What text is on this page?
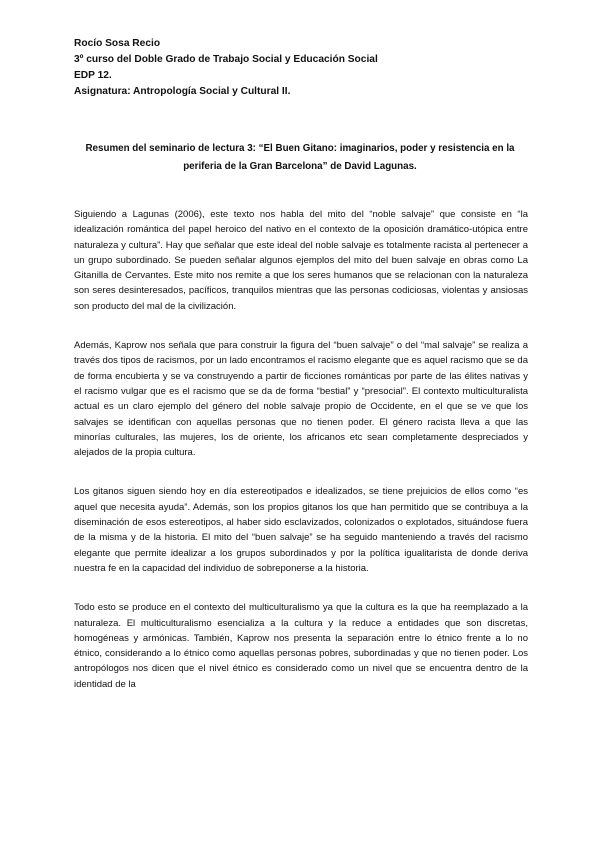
Rocío Sosa Recio
3º curso del Doble Grado de Trabajo Social y Educación Social
EDP 12.
Asignatura: Antropología Social y Cultural II.
Resumen del seminario de lectura 3: “El Buen Gitano: imaginarios, poder y resistencia en la periferia de la Gran Barcelona” de David Lagunas.

Siguiendo a Lagunas (2006), este texto nos habla del mito del “noble salvaje” que consiste en “la idealización romántica del papel heroico del nativo en el contexto de la oposición dramático-utópica entre naturaleza y cultura”. Hay que señalar que este ideal del noble salvaje es totalmente racista al pertenecer a un grupo subordinado. Se pueden señalar algunos ejemplos del mito del buen salvaje en obras como La Gitanilla de Cervantes. Este mito nos remite a que los seres humanos que se relacionan con la naturaleza son seres desinteresados, pacíficos, tranquilos mientras que las personas codiciosas, violentas y ansiosas son producto del mal de la civilización.

Además, Kaprow nos señala que para construir la figura del “buen salvaje” o del “mal salvaje” se realiza a través dos tipos de racismos, por un lado encontramos el racismo elegante que es aquel racismo que se da de forma encubierta y se va construyendo a partir de ficciones románticas por parte de las élites nativas y el racismo vulgar que es el racismo que se da de forma “bestial” y “presocial”. El contexto multiculturalista actual es un claro ejemplo del género del noble salvaje propio de Occidente, en el que se ve que los salvajes se identifican con aquellas personas que no tienen poder. El género racista lleva a que las minorías culturales, las mujeres, los de oriente, los africanos etc sean completamente despreciados y alejados de la propia cultura.

Los gitanos siguen siendo hoy en día estereotipados e idealizados, se tiene prejuicios de ellos como “es aquel que necesita ayuda”. Además, son los propios gitanos los que han permitido que se contribuya a la diseminación de esos estereotipos, al haber sido esclavizados, colonizados o explotados, situándose fuera de la misma y de la historia. El mito del “buen salvaje” se ha seguido manteniendo a través del racismo elegante que permite idealizar a los grupos subordinados y por la política igualitarista de donde deriva nuestra fe en la capacidad del individuo de sobreponerse a la historia.

Todo esto se produce en el contexto del multiculturalismo ya que la cultura es la que ha reemplazado a la naturaleza. El multiculturalismo esencializa a la cultura y la reduce a entidades que son discretas, homogéneas y armónicas. También, Kaprow nos presenta la separación entre lo étnico frente a lo no étnico, considerando a lo étnico como aquellas personas pobres, subordinadas y que no tienen poder. Los antropólogos nos dicen que el nivel étnico es considerado como un nivel que se encuentra dentro de la identidad de la
